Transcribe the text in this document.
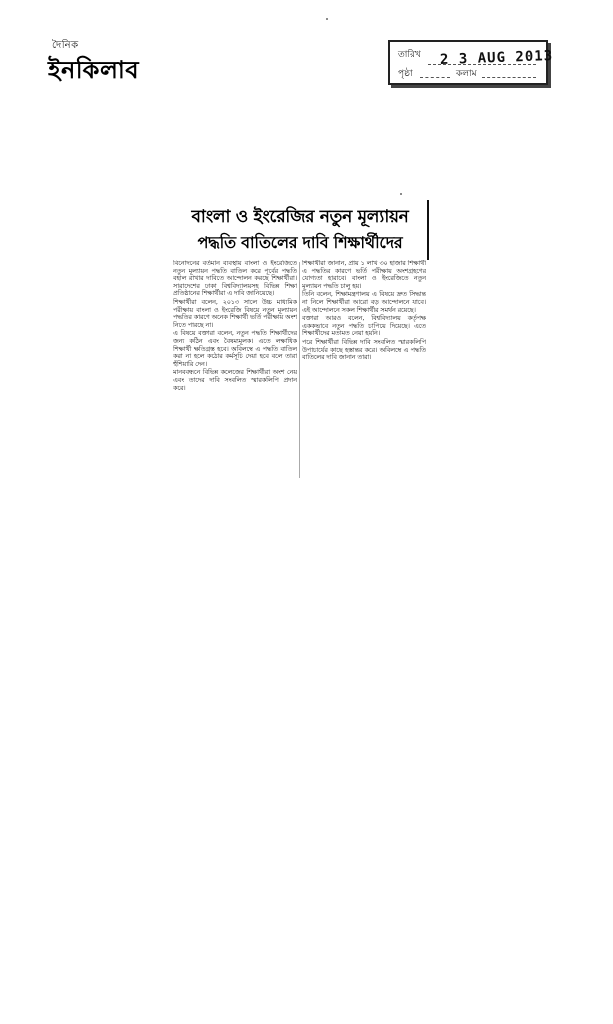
দৈনিক
ইনকিলাব
তারিখ 2 3 AUG 2013
পৃষ্ঠা	কলাম
বাংলা ও ইংরেজির নতুন মূল্যায়ন
পদ্ধতি বাতিলের দাবি শিক্ষার্থীদের

বিনোদনের বর্তমান ব্যবস্থায় বাংলা ও ইংরেজিতে নতুন মূল্যায়ন পদ্ধতি বাতিল করে পূর্বের পদ্ধতি বহাল রাখার দাবিতে আন্দোলন করছে শিক্ষার্থীরা। সারাদেশের ঢাকা বিশ্ববিদ্যালয়সহ বিভিন্ন শিক্ষা প্রতিষ্ঠানের শিক্ষার্থীরা এ দাবি জানিয়েছে।

শিক্ষার্থীরা বলেন, ২০১৩ সালে উচ্চ মাধ্যমিক পরীক্ষায় বাংলা ও ইংরেজি বিষয়ে নতুন মূল্যায়ন পদ্ধতির কারণে অনেক শিক্ষার্থী ভর্তি পরীক্ষায় অংশ নিতে পারছে না।

এ বিষয়ে বক্তারা বলেন, নতুন পদ্ধতি শিক্ষার্থীদের জন্য কঠিন এবং বৈষম্যমূলক। এতে লক্ষাধিক শিক্ষার্থী ক্ষতিগ্রস্ত হবে। অবিলম্বে এ পদ্ধতি বাতিল করা না হলে কঠোর কর্মসূচি দেয়া হবে বলে তারা হুঁশিয়ারি দেন।

মানববন্ধনে বিভিন্ন কলেজের শিক্ষার্থীরা অংশ নেয় এবং তাদের দাবি সংবলিত স্মারকলিপি প্রদান করে।

শিক্ষার্থীরা জানান, প্রায় ১ লাখ ৩০ হাজার শিক্ষার্থী এ পদ্ধতির কারণে ভর্তি পরীক্ষায় অংশগ্রহণের যোগ্যতা হারাবে। বাংলা ও ইংরেজিতে নতুন মূল্যায়ন পদ্ধতি চালু হয়।

তিনি বলেন, শিক্ষামন্ত্রণালয় এ বিষয়ে দ্রুত সিদ্ধান্ত না নিলে শিক্ষার্থীরা আরো বড় আন্দোলনে যাবে। এই আন্দোলনে সকল শিক্ষার্থীর সমর্থন রয়েছে।

বক্তারা আরও বলেন, বিশ্ববিদ্যালয় কর্তৃপক্ষ এককভাবে নতুন পদ্ধতি চাপিয়ে দিয়েছে। এতে শিক্ষার্থীদের মতামত নেয়া হয়নি।

পরে শিক্ষার্থীরা বিভিন্ন দাবি সংবলিত স্মারকলিপি উপাচার্যের কাছে হস্তান্তর করে। অবিলম্বে এ পদ্ধতি বাতিলের দাবি জানান তারা।
